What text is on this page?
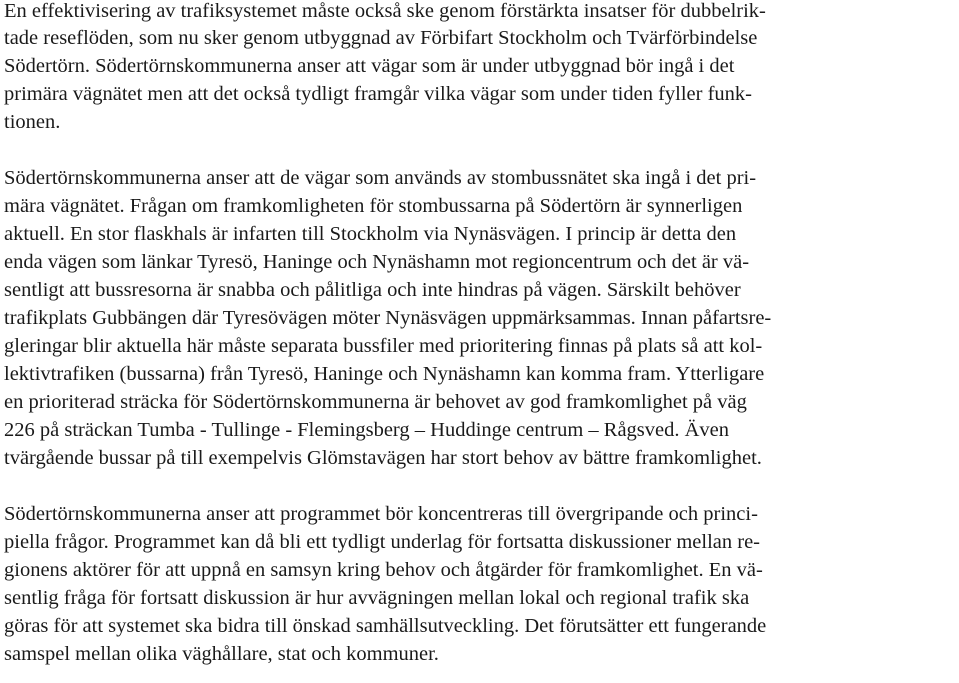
En effektivisering av trafiksystemet måste också ske genom förstärkta insatser för dubbelrik-
tade reseflöden, som nu sker genom utbyggnad av Förbifart Stockholm och Tvärförbindelse
Södertörn. Södertörnskommunerna anser att vägar som är under utbyggnad bör ingå i det
primära vägnätet men att det också tydligt framgår vilka vägar som under tiden fyller funk-
tionen.
Södertörnskommunerna anser att de vägar som används av stombussnätet ska ingå i det pri-
mära vägnätet. Frågan om framkomligheten för stombussarna på Södertörn är synnerligen
aktuell. En stor flaskhals är infarten till Stockholm via Nynäsvägen. I princip är detta den
enda vägen som länkar Tyresö, Haninge och Nynäshamn mot regioncentrum och det är vä-
sentligt att bussresorna är snabba och pålitliga och inte hindras på vägen. Särskilt behöver
trafikplats Gubbängen där Tyresövägen möter Nynäsvägen uppmärksammas. Innan påfartsre-
gleringar blir aktuella här måste separata bussfiler med prioritering finnas på plats så att kol-
lektivtrafiken (bussarna) från Tyresö, Haninge och Nynäshamn kan komma fram. Ytterligare
en prioriterad sträcka för Södertörnskommunerna är behovet av god framkomlighet på väg
226 på sträckan Tumba - Tullinge - Flemingsberg – Huddinge centrum – Rågsved. Även
tvärgående bussar på till exempelvis Glömstavägen har stort behov av bättre framkomlighet.
Södertörnskommunerna anser att programmet bör koncentreras till övergripande och princi-
piella frågor. Programmet kan då bli ett tydligt underlag för fortsatta diskussioner mellan re-
gionens aktörer för att uppnå en samsyn kring behov och åtgärder för framkomlighet. En vä-
sentlig fråga för fortsatt diskussion är hur avvägningen mellan lokal och regional trafik ska
göras för att systemet ska bidra till önskad samhällsutveckling. Det förutsätter ett fungerande
samspel mellan olika väghållare, stat och kommuner.
